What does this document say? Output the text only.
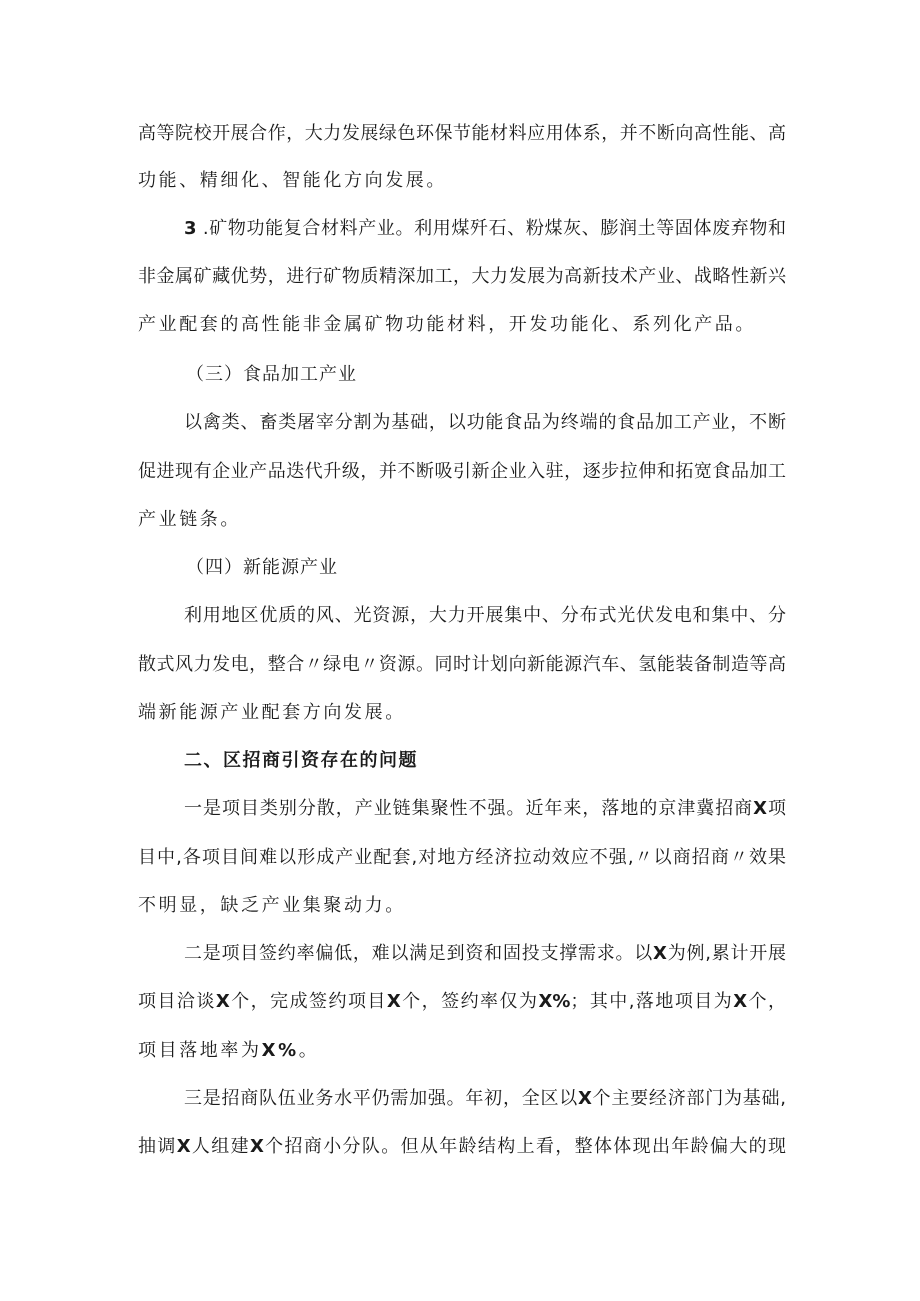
高等院校开展合作，大力发展绿色环保节能材料应用体系，并不断向高性能、高
功能、精细化、智能化方向发展。
3 .矿物功能复合材料产业。利用煤歼石、粉煤灰、膨润土等固体废弃物和
非金属矿藏优势，进行矿物质精深加工，大力发展为高新技术产业、战略性新兴
产业配套的高性能非金属矿物功能材料，开发功能化、系列化产品。
（三）食品加工产业
以禽类、畜类屠宰分割为基础，以功能食品为终端的食品加工产业，不断
促进现有企业产品迭代升级，并不断吸引新企业入驻，逐步拉伸和拓宽食品加工
产业链条。
（四）新能源产业
利用地区优质的风、光资源，大力开展集中、分布式光伏发电和集中、分
散式风力发电，整合〃绿电〃资源。同时计划向新能源汽车、氢能装备制造等高
端新能源产业配套方向发展。
二、区招商引资存在的问题
一是项目类别分散，产业链集聚性不强。近年来，落地的京津冀招商X项
目中,各项目间难以形成产业配套,对地方经济拉动效应不强,〃以商招商〃效果
不明显，缺乏产业集聚动力。
二是项目签约率偏低，难以满足到资和固投支撑需求。以X为例,累计开展
项目洽谈X个，完成签约项目X个，签约率仅为X%；其中,落地项目为X个，
项目落地率为X%。
三是招商队伍业务水平仍需加强。年初，全区以X个主要经济部门为基础,
抽调X人组建X个招商小分队。但从年龄结构上看，整体体现出年龄偏大的现
